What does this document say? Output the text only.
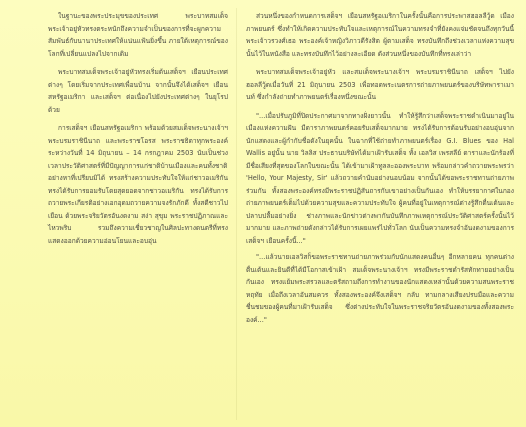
ในฐานะของพระประมุขของประเทศ พระบาทสมเด็จพระเจ้าอยู่หัวทรงตระหนักถึงความจำเป็นของการที่จะผูกความสัมพันธ์กับนานาประเทศให้แน่นแฟ้นยิ่งขึ้น ภายใต้เหตุการณ์ของโลกที่เปลี่ยนแปลงไปจากเดิม

พระบาทสมเด็จพระเจ้าอยู่หัวทรงเริ่มต้นเสด็จฯ เยือนประเทศต่างๆ โดยเริ่มจากประเทศเพื่อนบ้าน จากนั้นจึงได้เสด็จฯ เยือนสหรัฐอเมริกา และเสด็จฯ ต่อเนื่องไปยังประเทศต่างๆ ในยุโรปด้วย

การเสด็จฯ เยือนสหรัฐอเมริกา พร้อมด้วยสมเด็จพระนางเจ้าฯ พระบรมราชินีนาถ และพระราชโอรส พระราชธิดาทุกพระองค์ ระหว่างวันที่ 14 มิถุนายน – 14 กรกฎาคม 2503 นับเป็นช่วงเวลาประวัติศาสตร์ที่มีปัญญาการแก่ชาติบ้านเมืองและคนทั้งชาติอย่างหาที่เปรียบมิได้ ทรงสร้างความประทับใจให้แก่ชาวอเมริกัน ทรงได้รับการยอมรับโดยสุดยอดจากชาวอเมริกัน ทรงได้รับการถวายพระเกียรติอย่างเอกอุดมถวายความจงรักภักดี ทั้งสดีชาวไปเยือน ด้วยพระจริยวัตรอันงดงาม สง่า สุขุม พระราชปฏิภาณและไหวพริบ รวมถึงความเชี่ยวชาญในศิลปะทางดนตรีที่ทรงแสดงออกด้วยความอ่อนโยนและอบอุ่น

ส่วนหนึ่งของกำหนดการเสด็จฯ เยือนสหรัฐอเมริกาในครั้งนั้นคือการประพาสฮอลลีวู้ด เมืองภาพยนตร์ ซึ่งทำให้เกิดความประทับใจและเหตุการณ์ในความทรงจำที่ยังคงแจ่มชัดจนถึงทุกวันนี้ พระเจ้าวรวงศ์เธอ พระองค์เจ้าหญิงวิภาวดีรังสิต ผู้ตามเสด็จ ทรงบันทึกถึงช่วงเวลาแห่งความสุขนั้นไว้ในหนังสือ และทรงบันทึกไว้อย่างละเอียด ดังส่วนหนึ่งของบันทึกที่ทรงเล่าว่า

พระบาทสมเด็จพระเจ้าอยู่หัว และสมเด็จพระนางเจ้าฯ พระบรมราชินีนาถ เสด็จฯ ไปยังฮอลลีวู้ดเมื่อวันที่ 21 มิถุนายน 2503 เพื่อทอดพระเนตรการถ่ายภาพยนตร์ของบริษัทพาราเมานท์ ซึ่งกำลังถ่ายทำภาพยนตร์เรื่องหนึ่งขณะนั้น

"...เมื่อปรับภูมิที่ปิดประกาศมาจากทางฝั่งยาวนั้น ทำให้รู้สึกว่าเสด็จพระราชดำเนินมาอยู่ในเมืองแห่งความฝัน มีดาราภาพยนตร์คอยรับเสด็จมากมาย ทรงได้รับการต้อนรับอย่างอบอุ่นจากนักแสดงและผู้กำกับชื่อดังในยุคนั้น ในฉากที่ใช้ถ่ายทำภาพยนตร์เรื่อง G.I. Blues ของ Hal Wallis อยู่นั้น นาย วิลลิส ประธานบริษัทได้มาเฝ้ารับเสด็จ ทั้ง เอลวิส เพรสลีย์ ดาราและนักร้องที่มีชื่อเสียงที่สุดของโลกในขณะนั้น ได้เข้ามาเฝ้าทูลละอองพระบาท พร้อมกล่าวคำถวายพระพรว่า 'Hello, Your Majesty, Sir' แล้วถวายคำนับอย่างนอบน้อม จากนั้นได้ขอพระราชทานถ่ายภาพร่วมกัน ทั้งสองพระองค์ทรงมีพระราชปฏิสันถารกับเขาอย่างเป็นกันเอง ทำให้บรรยากาศในกองถ่ายภาพยนตร์เต็มไปด้วยความสุขและความประทับใจ ผู้คนที่อยู่ในเหตุการณ์ต่างรู้สึกตื่นเต้นและปลาบปลื้มอย่างยิ่ง ช่างภาพและนักข่าวต่างพากันบันทึกภาพเหตุการณ์ประวัติศาสตร์ครั้งนั้นไว้มากมาย และภาพถ่ายดังกล่าวได้รับการเผยแพร่ไปทั่วโลก นับเป็นความทรงจำอันงดงามของการเสด็จฯ เยือนครั้งนี้..."

"...แล้วนายเอลวิสก็ขอพระราชทานถ่ายภาพร่วมกับนักแสดงคนอื่นๆ อีกหลายคน ทุกคนต่างตื่นเต้นและยินดีที่ได้มีโอกาสเข้าเฝ้า สมเด็จพระนางเจ้าฯ ทรงมีพระราชดำรัสทักทายอย่างเป็นกันเอง ทรงแย้มพระสรวลและตรัสถามถึงการทำงานของนักแสดงเหล่านั้นด้วยความสนพระราชหฤทัย เมื่อถึงเวลาอันสมควร ทั้งสองพระองค์จึงเสด็จฯ กลับ ทามกลางเสียงปรบมือและความชื่นชมของผู้คนที่มาเฝ้ารับเสด็จ ซึ่งต่างประทับใจในพระราชจริยวัตรอันงดงามของทั้งสองพระองค์..."
